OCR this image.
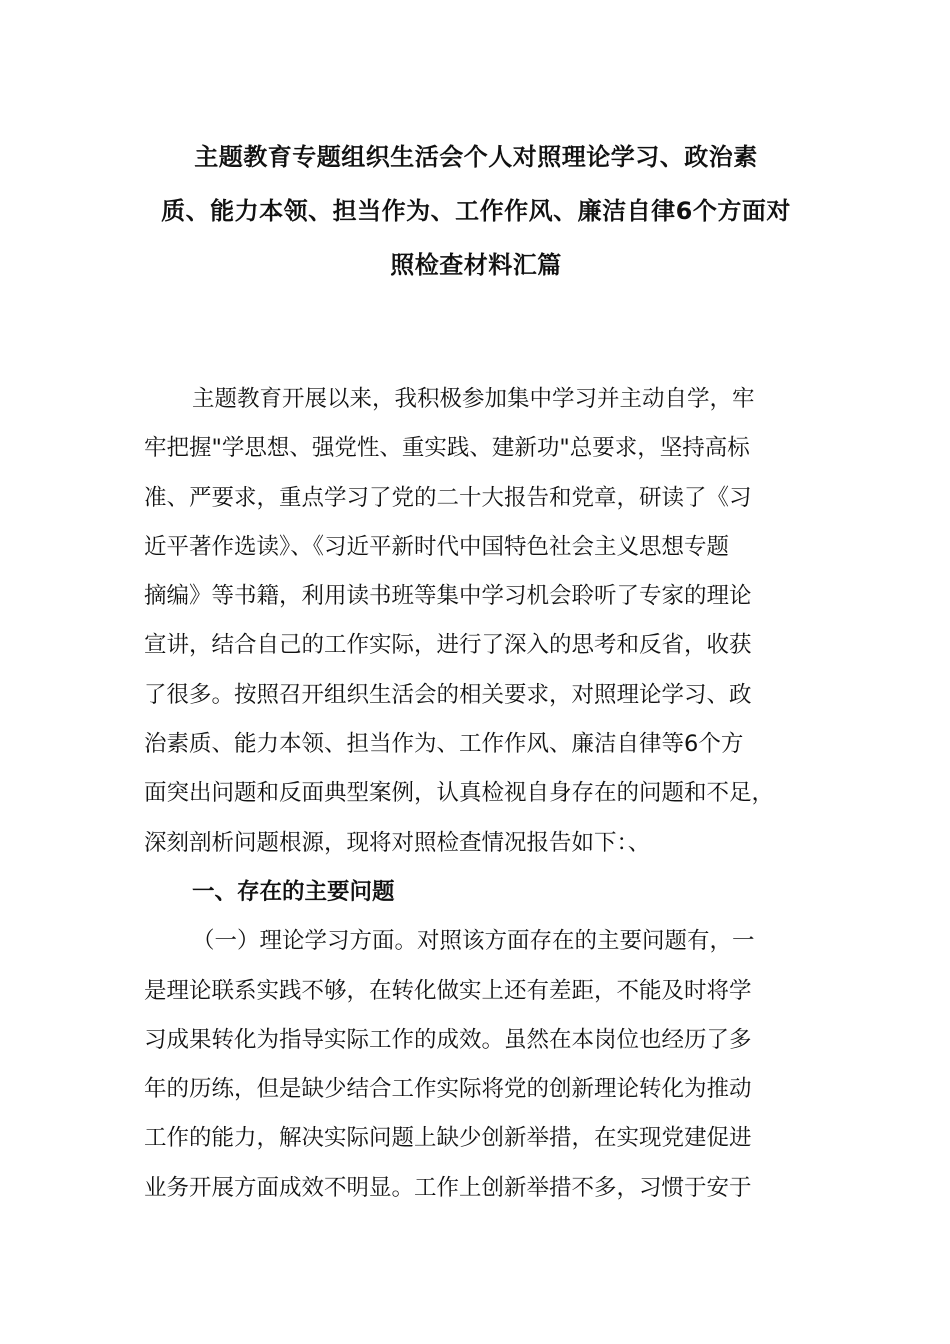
主题教育专题组织生活会个人对照理论学习、政治素
质、能力本领、担当作为、工作作风、廉洁自律6个方面对
照检查材料汇篇
主题教育开展以来，我积极参加集中学习并主动自学，牢
牢把握"学思想、强党性、重实践、建新功"总要求，坚持高标
准、严要求，重点学习了党的二十大报告和党章，研读了《习
近平著作选读》、《习近平新时代中国特色社会主义思想专题
摘编》等书籍，利用读书班等集中学习机会聆听了专家的理论
宣讲，结合自己的工作实际，进行了深入的思考和反省，收获
了很多。按照召开组织生活会的相关要求，对照理论学习、政
治素质、能力本领、担当作为、工作作风、廉洁自律等6个方
面突出问题和反面典型案例，认真检视自身存在的问题和不足，
深刻剖析问题根源，现将对照检查情况报告如下：、
一、存在的主要问题
（一）理论学习方面。对照该方面存在的主要问题有，一
是理论联系实践不够，在转化做实上还有差距，不能及时将学
习成果转化为指导实际工作的成效。虽然在本岗位也经历了多
年的历练，但是缺少结合工作实际将党的创新理论转化为推动
工作的能力，解决实际问题上缺少创新举措，在实现党建促进
业务开展方面成效不明显。工作上创新举措不多，习惯于安于
